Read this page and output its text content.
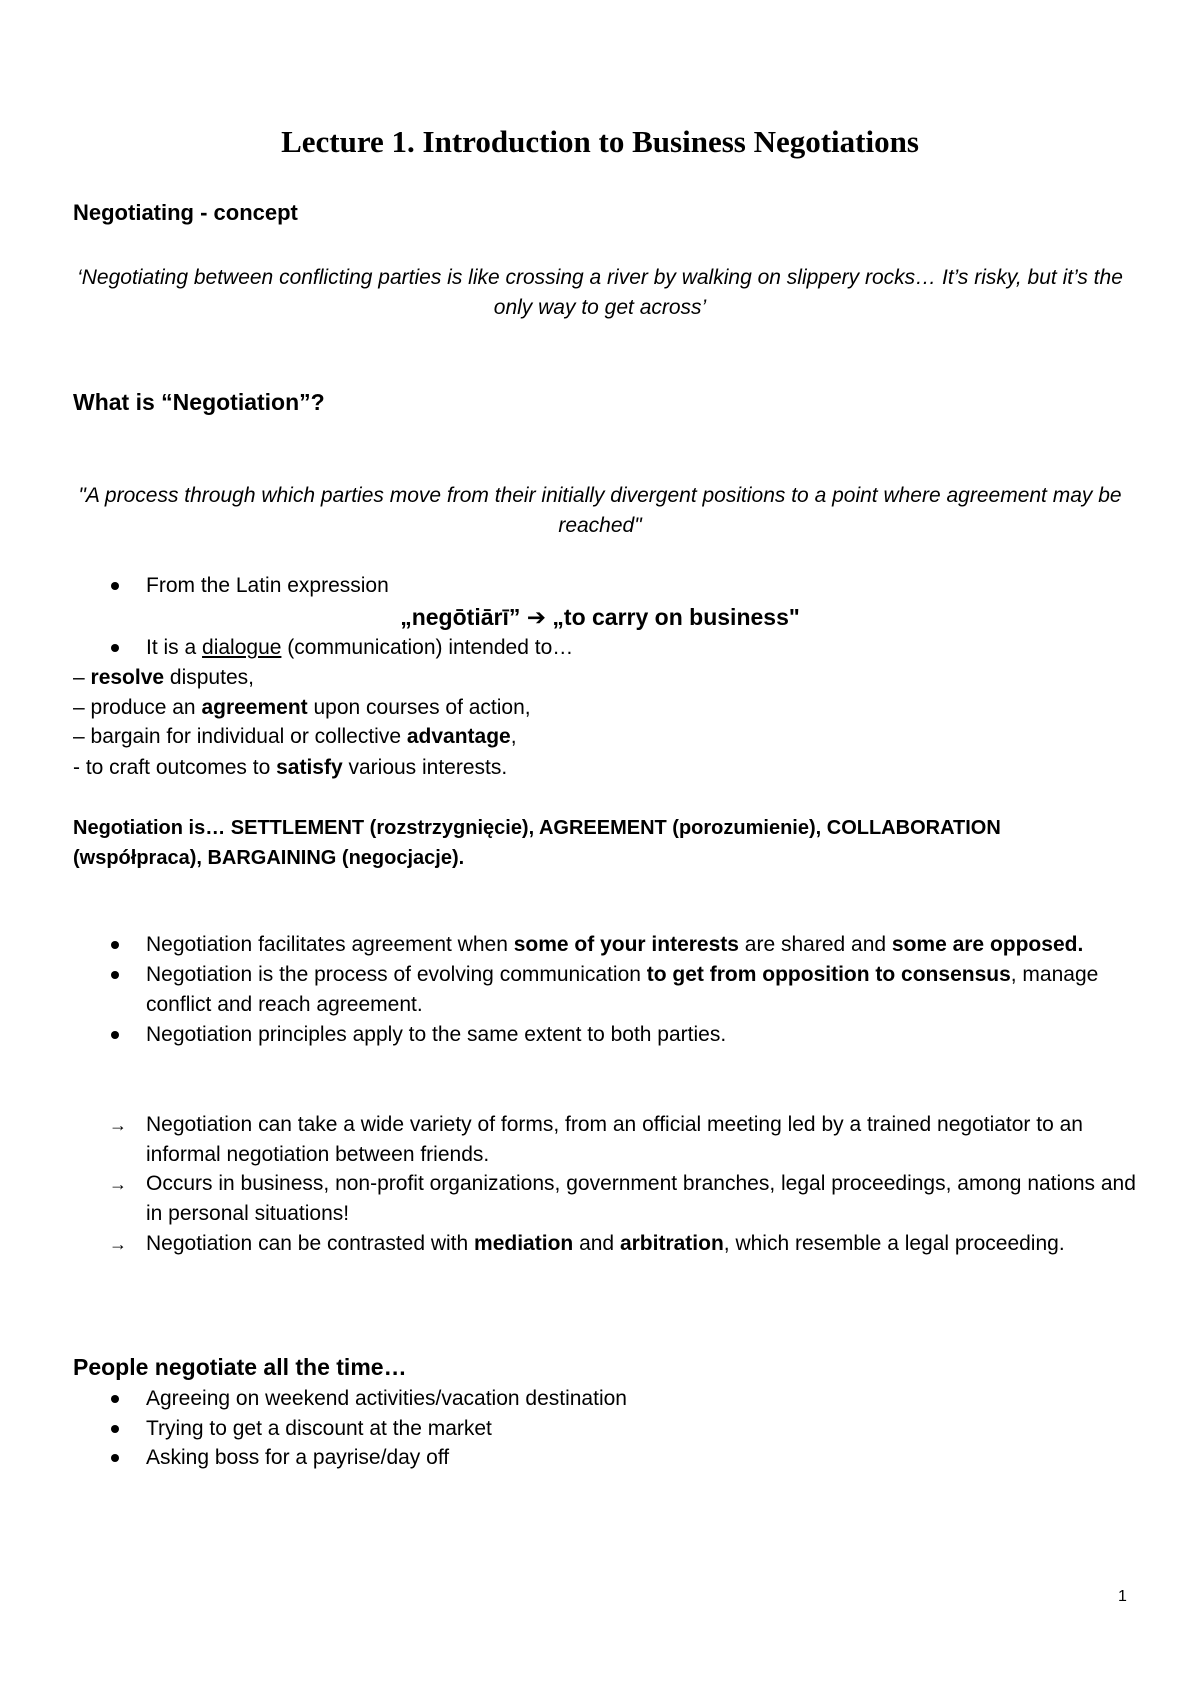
Lecture 1. Introduction to Business Negotiations
Negotiating - concept
‘Negotiating between conflicting parties is like crossing a river by walking on slippery rocks… It’s risky, but it’s the only way to get across’
What is “Negotiation”?
"A process through which parties move from their initially divergent positions to a point where agreement may be reached"
From the Latin expression
„negōtiārī” ➔ „to carry on business"
It is a dialogue (communication) intended to…
– resolve disputes,
– produce an agreement upon courses of action,
– bargain for individual or collective advantage,
- to craft outcomes to satisfy various interests.
Negotiation is… SETTLEMENT (rozstrzygnięcie), AGREEMENT (porozumienie), COLLABORATION (współpraca), BARGAINING (negocjacje).
Negotiation facilitates agreement when some of your interests are shared and some are opposed.
Negotiation is the process of evolving communication to get from opposition to consensus, manage conflict and reach agreement.
Negotiation principles apply to the same extent to both parties.
→ Negotiation can take a wide variety of forms, from an official meeting led by a trained negotiator to an informal negotiation between friends.
→ Occurs in business, non-profit organizations, government branches, legal proceedings, among nations and in personal situations!
→ Negotiation can be contrasted with mediation and arbitration, which resemble a legal proceeding.
People negotiate all the time…
Agreeing on weekend activities/vacation destination
Trying to get a discount at the market
Asking boss for a payrise/day off
1
